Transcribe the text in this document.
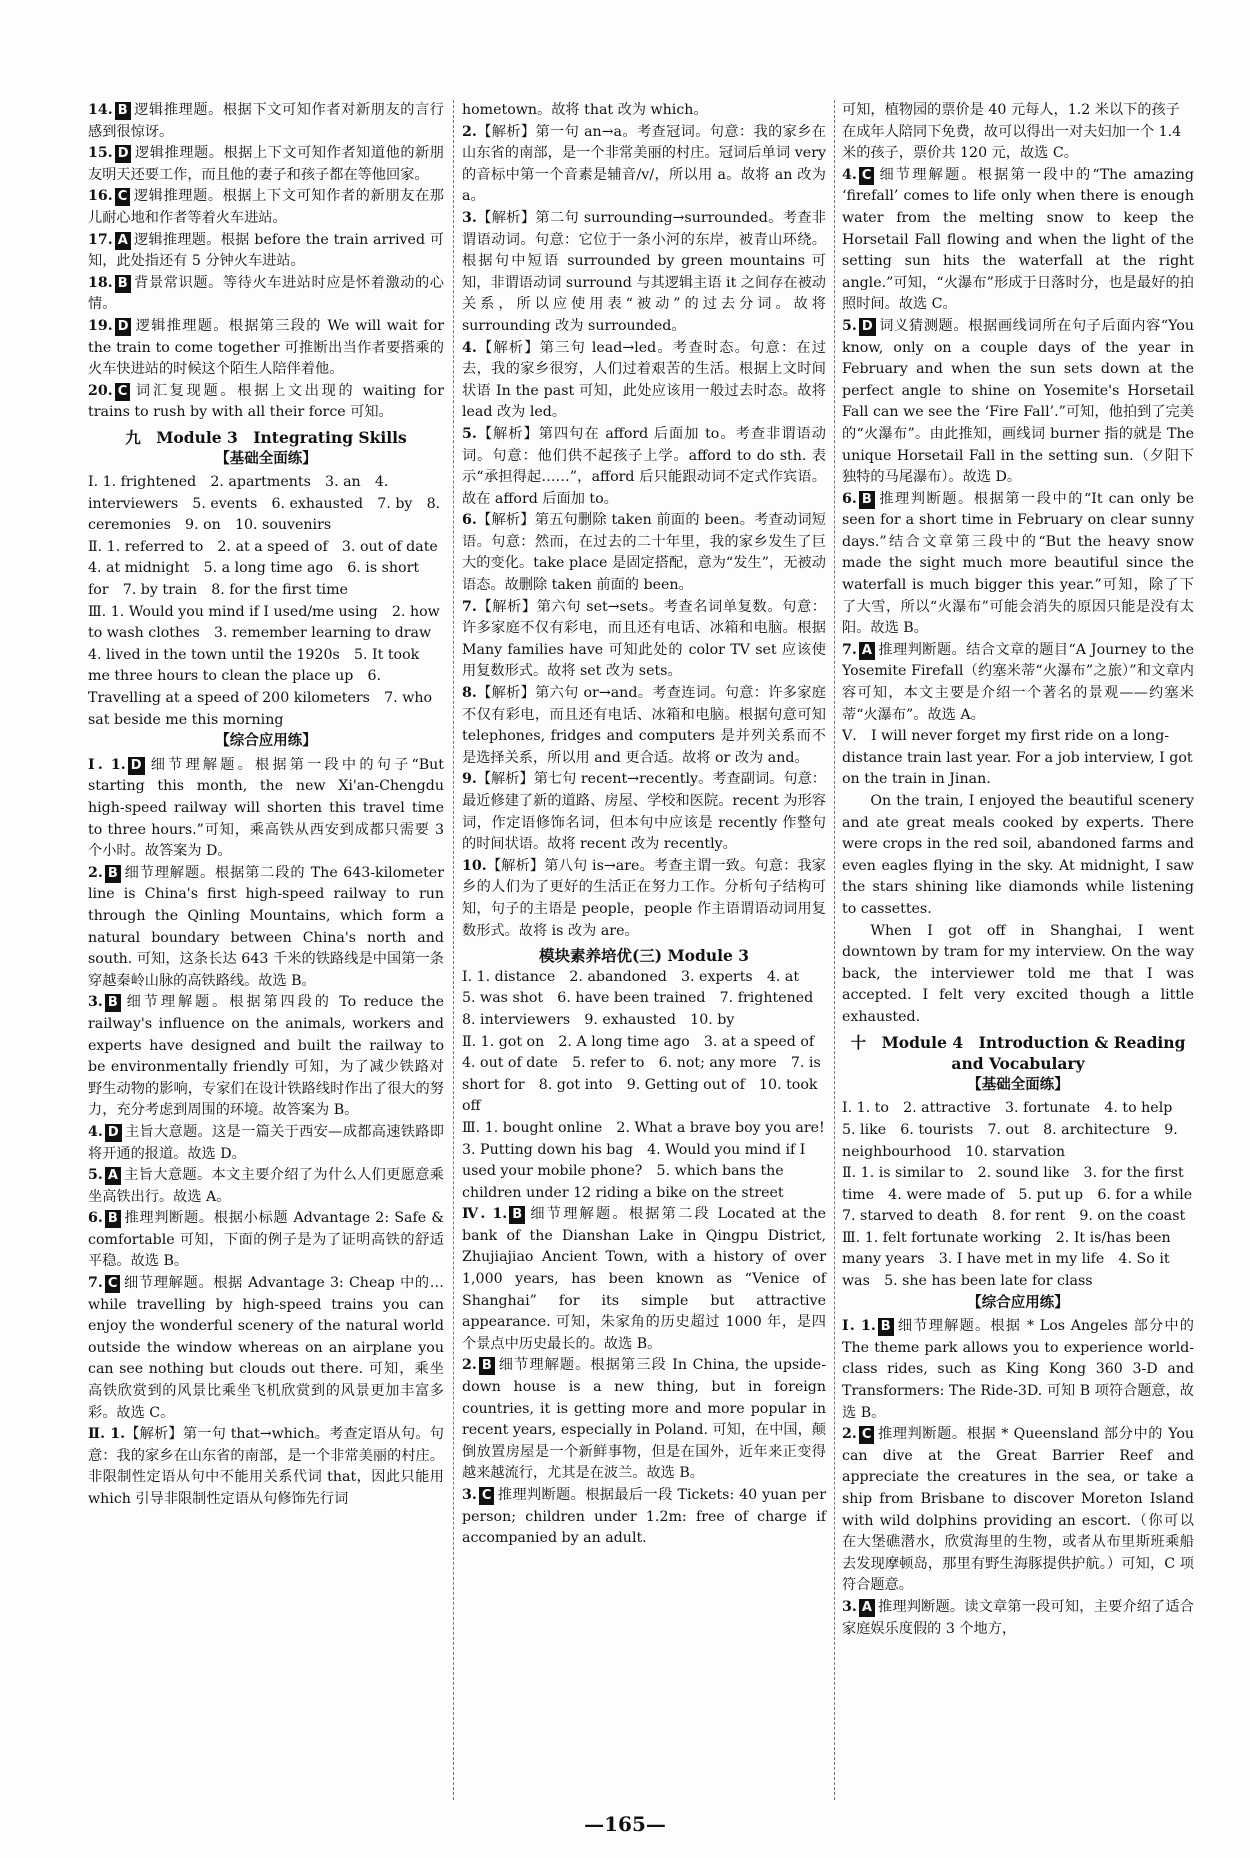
14. B 逻辑推理题。根据下文可知作者对新朋友的言行感到很惊讶。

15. D 逻辑推理题。根据上下文可知作者知道他的新朋友明天还要工作，而且他的妻子和孩子都在等他回家。

16. C 逻辑推理题。根据上下文可知作者的新朋友在那儿耐心地和作者等着火车进站。

17. A 逻辑推理题。根据 before the train arrived 可知，此处指还有 5 分钟火车进站。

18. B 背景常识题。等待火车进站时应是怀着激动的心情。

19. D 逻辑推理题。根据第三段的 We will wait for the train to come together 可推断出当作者要搭乘的火车快进站的时候这个陌生人陪伴着他。

20. C 词汇复现题。根据上文出现的 waiting for trains to rush by with all their force 可知。

九　Module 3　Integrating Skills

【基础全面练】

Ⅰ. 1. frightened　2. apartments　3. an　4. interviewers　5. events　6. exhausted　7. by　8. ceremonies　9. on　10. souvenirs

Ⅱ. 1. referred to　2. at a speed of　3. out of date　4. at midnight　5. a long time ago　6. is short for　7. by train　8. for the first time

Ⅲ. 1. Would you mind if I used/me using　2. how to wash clothes　3. remember learning to draw　4. lived in the town until the 1920s　5. It took me three hours to clean the place up　6. Travelling at a speed of 200 kilometers　7. who sat beside me this morning

【综合应用练】

Ⅰ. 1. D 细节理解题。根据第一段中的句子“But starting this month, the new Xi'an-Chengdu high-speed railway will shorten this travel time to three hours.”可知，乘高铁从西安到成都只需要 3 个小时。故答案为 D。

2. B 细节理解题。根据第二段的 The 643-kilometer line is China's first high-speed railway to run through the Qinling Mountains, which form a natural boundary between China's north and south. 可知，这条长达 643 千米的铁路线是中国第一条穿越秦岭山脉的高铁路线。故选 B。

3. B 细节理解题。根据第四段的 To reduce the railway's influence on the animals, workers and experts have designed and built the railway to be environmentally friendly 可知，为了减少铁路对野生动物的影响，专家们在设计铁路线时作出了很大的努力，充分考虑到周围的环境。故答案为 B。

4. D 主旨大意题。这是一篇关于西安—成都高速铁路即将开通的报道。故选 D。

5. A 主旨大意题。本文主要介绍了为什么人们更愿意乘坐高铁出行。故选 A。

6. B 推理判断题。根据小标题 Advantage 2: Safe & comfortable 可知，下面的例子是为了证明高铁的舒适平稳。故选 B。

7. C 细节理解题。根据 Advantage 3: Cheap 中的… while travelling by high-speed trains you can enjoy the wonderful scenery of the natural world outside the window whereas on an airplane you can see nothing but clouds out there. 可知，乘坐高铁欣赏到的风景比乘坐飞机欣赏到的风景更加丰富多彩。故选 C。

Ⅱ. 1.【解析】第一句 that→which。考查定语从句。句意：我的家乡在山东省的南部，是一个非常美丽的村庄。非限制性定语从句中不能用关系代词 that，因此只能用 which 引导非限制性定语从句修饰先行词

hometown。故将 that 改为 which。

2.【解析】第一句 an→a。考查冠词。句意：我的家乡在山东省的南部，是一个非常美丽的村庄。冠词后单词 very 的音标中第一个音素是辅音/v/，所以用 a。故将 an 改为 a。

3.【解析】第二句 surrounding→surrounded。考查非谓语动词。句意：它位于一条小河的东岸，被青山环绕。根据句中短语 surrounded by green mountains 可知，非谓语动词 surround 与其逻辑主语 it 之间存在被动关系，所以应使用表“被动”的过去分词。故将 surrounding 改为 surrounded。

4.【解析】第三句 lead→led。考查时态。句意：在过去，我的家乡很穷，人们过着艰苦的生活。根据上文时间状语 In the past 可知，此处应该用一般过去时态。故将 lead 改为 led。

5.【解析】第四句在 afford 后面加 to。考查非谓语动词。句意：他们供不起孩子上学。afford to do sth. 表示“承担得起……”，afford 后只能跟动词不定式作宾语。故在 afford 后面加 to。

6.【解析】第五句删除 taken 前面的 been。考查动词短语。句意：然而，在过去的二十年里，我的家乡发生了巨大的变化。take place 是固定搭配，意为“发生”，无被动语态。故删除 taken 前面的 been。

7.【解析】第六句 set→sets。考查名词单复数。句意：许多家庭不仅有彩电，而且还有电话、冰箱和电脑。根据 Many families have 可知此处的 color TV set 应该使用复数形式。故将 set 改为 sets。

8.【解析】第六句 or→and。考查连词。句意：许多家庭不仅有彩电，而且还有电话、冰箱和电脑。根据句意可知 telephones, fridges and computers 是并列关系而不是选择关系，所以用 and 更合适。故将 or 改为 and。

9.【解析】第七句 recent→recently。考查副词。句意：最近修建了新的道路、房屋、学校和医院。recent 为形容词，作定语修饰名词，但本句中应该是 recently 作整句的时间状语。故将 recent 改为 recently。

10.【解析】第八句 is→are。考查主谓一致。句意：我家乡的人们为了更好的生活正在努力工作。分析句子结构可知，句子的主语是 people，people 作主语谓语动词用复数形式。故将 is 改为 are。

模块素养培优(三) Module 3

Ⅰ. 1. distance　2. abandoned　3. experts　4. at　5. was shot　6. have been trained　7. frightened　8. interviewers　9. exhausted　10. by

Ⅱ. 1. got on　2. A long time ago　3. at a speed of　4. out of date　5. refer to　6. not; any more　7. is short for　8. got into　9. Getting out of　10. took off

Ⅲ. 1. bought online　2. What a brave boy you are!　3. Putting down his bag　4. Would you mind if I used your mobile phone?　5. which bans the children under 12 riding a bike on the street

Ⅳ. 1. B 细节理解题。根据第二段 Located at the bank of the Dianshan Lake in Qingpu District, Zhujiajiao Ancient Town, with a history of over 1,000 years, has been known as “Venice of Shanghai” for its simple but attractive appearance. 可知，朱家角的历史超过 1000 年，是四个景点中历史最长的。故选 B。

2. B 细节理解题。根据第三段 In China, the upside-down house is a new thing, but in foreign countries, it is getting more and more popular in recent years, especially in Poland. 可知，在中国，颠倒放置房屋是一个新鲜事物，但是在国外，近年来正变得越来越流行，尤其是在波兰。故选 B。

3. C 推理判断题。根据最后一段 Tickets: 40 yuan per person; children under 1.2m: free of charge if accompanied by an adult.

可知，植物园的票价是 40 元每人，1.2 米以下的孩子在成年人陪同下免费，故可以得出一对夫妇加一个 1.4 米的孩子，票价共 120 元，故选 C。

4. C 细节理解题。根据第一段中的“The amazing ‘firefall’ comes to life only when there is enough water from the melting snow to keep the Horsetail Fall flowing and when the light of the setting sun hits the waterfall at the right angle.”可知，“火瀑布”形成于日落时分，也是最好的拍照时间。故选 C。

5. D 词义猜测题。根据画线词所在句子后面内容“You know, only on a couple days of the year in February and when the sun sets down at the perfect angle to shine on Yosemite's Horsetail Fall can we see the ‘Fire Fall’.”可知，他拍到了完美的“火瀑布”。由此推知，画线词 burner 指的就是 The unique Horsetail Fall in the setting sun.（夕阳下独特的马尾瀑布）。故选 D。

6. B 推理判断题。根据第一段中的“It can only be seen for a short time in February on clear sunny days.”结合文章第三段中的“But the heavy snow made the sight much more beautiful since the waterfall is much bigger this year.”可知，除了下了大雪，所以“火瀑布”可能会消失的原因只能是没有太阳。故选 B。

7. A 推理判断题。结合文章的题目“A Journey to the Yosemite Firefall（约塞米蒂“火瀑布”之旅）”和文章内容可知，本文主要是介绍一个著名的景观——约塞米蒂“火瀑布”。故选 A。

Ⅴ.　I will never forget my first ride on a long-distance train last year. For a job interview, I got on the train in Jinan.

On the train, I enjoyed the beautiful scenery and ate great meals cooked by experts. There were crops in the red soil, abandoned farms and even eagles flying in the sky. At midnight, I saw the stars shining like diamonds while listening to cassettes.

When I got off in Shanghai, I went downtown by tram for my interview. On the way back, the interviewer told me that I was accepted. I felt very excited though a little exhausted.

十　Module 4　Introduction & Reading and Vocabulary

【基础全面练】

Ⅰ. 1. to　2. attractive　3. fortunate　4. to help　5. like　6. tourists　7. out　8. architecture　9. neighbourhood　10. starvation

Ⅱ. 1. is similar to　2. sound like　3. for the first time　4. were made of　5. put up　6. for a while　7. starved to death　8. for rent　9. on the coast

Ⅲ. 1. felt fortunate working　2. It is/has been many years　3. I have met in my life　4. So it was　5. she has been late for class

【综合应用练】

Ⅰ. 1. B 细节理解题。根据 * Los Angeles 部分中的 The theme park allows you to experience world-class rides, such as King Kong 360 3-D and Transformers: The Ride-3D. 可知 B 项符合题意，故选 B。

2. C 推理判断题。根据 * Queensland 部分中的 You can dive at the Great Barrier Reef and appreciate the creatures in the sea, or take a ship from Brisbane to discover Moreton Island with wild dolphins providing an escort.（你可以在大堡礁潜水，欣赏海里的生物，或者从布里斯班乘船去发现摩顿岛，那里有野生海豚提供护航。）可知，C 项符合题意。

3. A 推理判断题。读文章第一段可知，主要介绍了适合家庭娱乐度假的 3 个地方，

—165—
